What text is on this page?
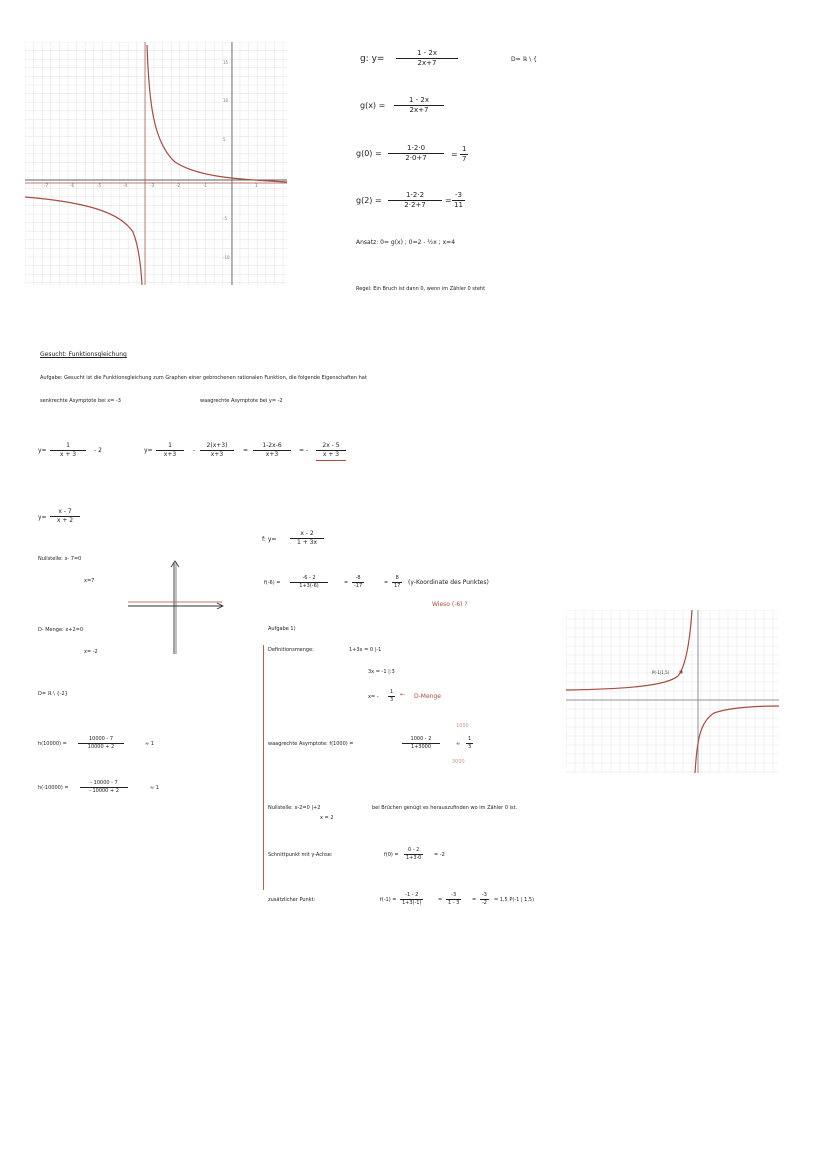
-7	-6	-5	-4	-3	-2	-1	1
15
10
5
-5
-10
g: $y= \frac{1 - 2x}{2x+7}$	D= ℝ \ {
$g(x) = \frac{1 - 2x}{2x+7}$
$g(0) = \frac{1-2\cdot 0}{2\cdot 0+7} = \frac{1}{7}$
$g(2) = \frac{1-2\cdot 2}{2\cdot 2+7} = \frac{-3}{11}$
Ansatz: 0= g(x) ; 0=2 - ½x ; x=4
Regel: Ein Bruch ist dann 0, wenn im Zähler 0 steht
Gesucht: Funktionsgleichung
Aufgabe: Gesucht ist die Funktionsgleichung zum Graphen einer gebrochenen rationalen Funktion, die folgende Eigenschaften hat
senkrechte Asymptote bei x= -3	waagrechte Asymptote bei y= -2
$y= \frac{1}{x + 3} - 2$	$y= \frac{1}{x+3} - \frac{2(x+3)}{x+3} = \frac{1-2x-6}{x+3}$ = - $\frac{2x - 5}{x + 3}$
$y= \frac{x - 7}{x + 2}$
Nullstelle: x- 7=0
x=7
D- Menge: x+2=0
x= -2
D= ℝ \ {-2}
$h(10000) = \frac{10000 - 7}{10000 + 2}$	≈ 1
$h(-10000) = \frac{- 10000 - 7}{- 10000 + 2}$	≈ 1
f: $y= \frac{x - 2}{1 + 3x}$
$f(-6) = \frac{-6 - 2}{1+3(-6)}$	= $\frac{-8}{-17}$	= $\frac{8}{17}$ (y-Koordinate des Punktes)
Wieso (-6) ?
Aufgabe 1)
Definitionsmenge:	1+3x = 0 |-1
3x = -1 |:3
$x= - \frac{1}{3}$ ← D-Menge
waagrechte Asymptote: f(1000) =	$\frac{1000 - 2}{1+3000}$	≈ $\frac{1}{3}$
1000
3000
Nullstelle: x-2=0 |+2
x = 2
bei Brüchen genügt es herauszufinden wo im Zähler 0 ist.
Schnittpunkt mit y-Achse:	$f(0) = \frac{0 - 2}{1+3\cdot 0} = -2$
zusätzlicher Punkt:	$f(-1) = \frac{-1 - 2}{1+3(-1)}$	= $\frac{-3}{1 - 3} = \frac{-3}{-2} = 1,5$ P(-1 | 1,5)
P(-1|1,5)
